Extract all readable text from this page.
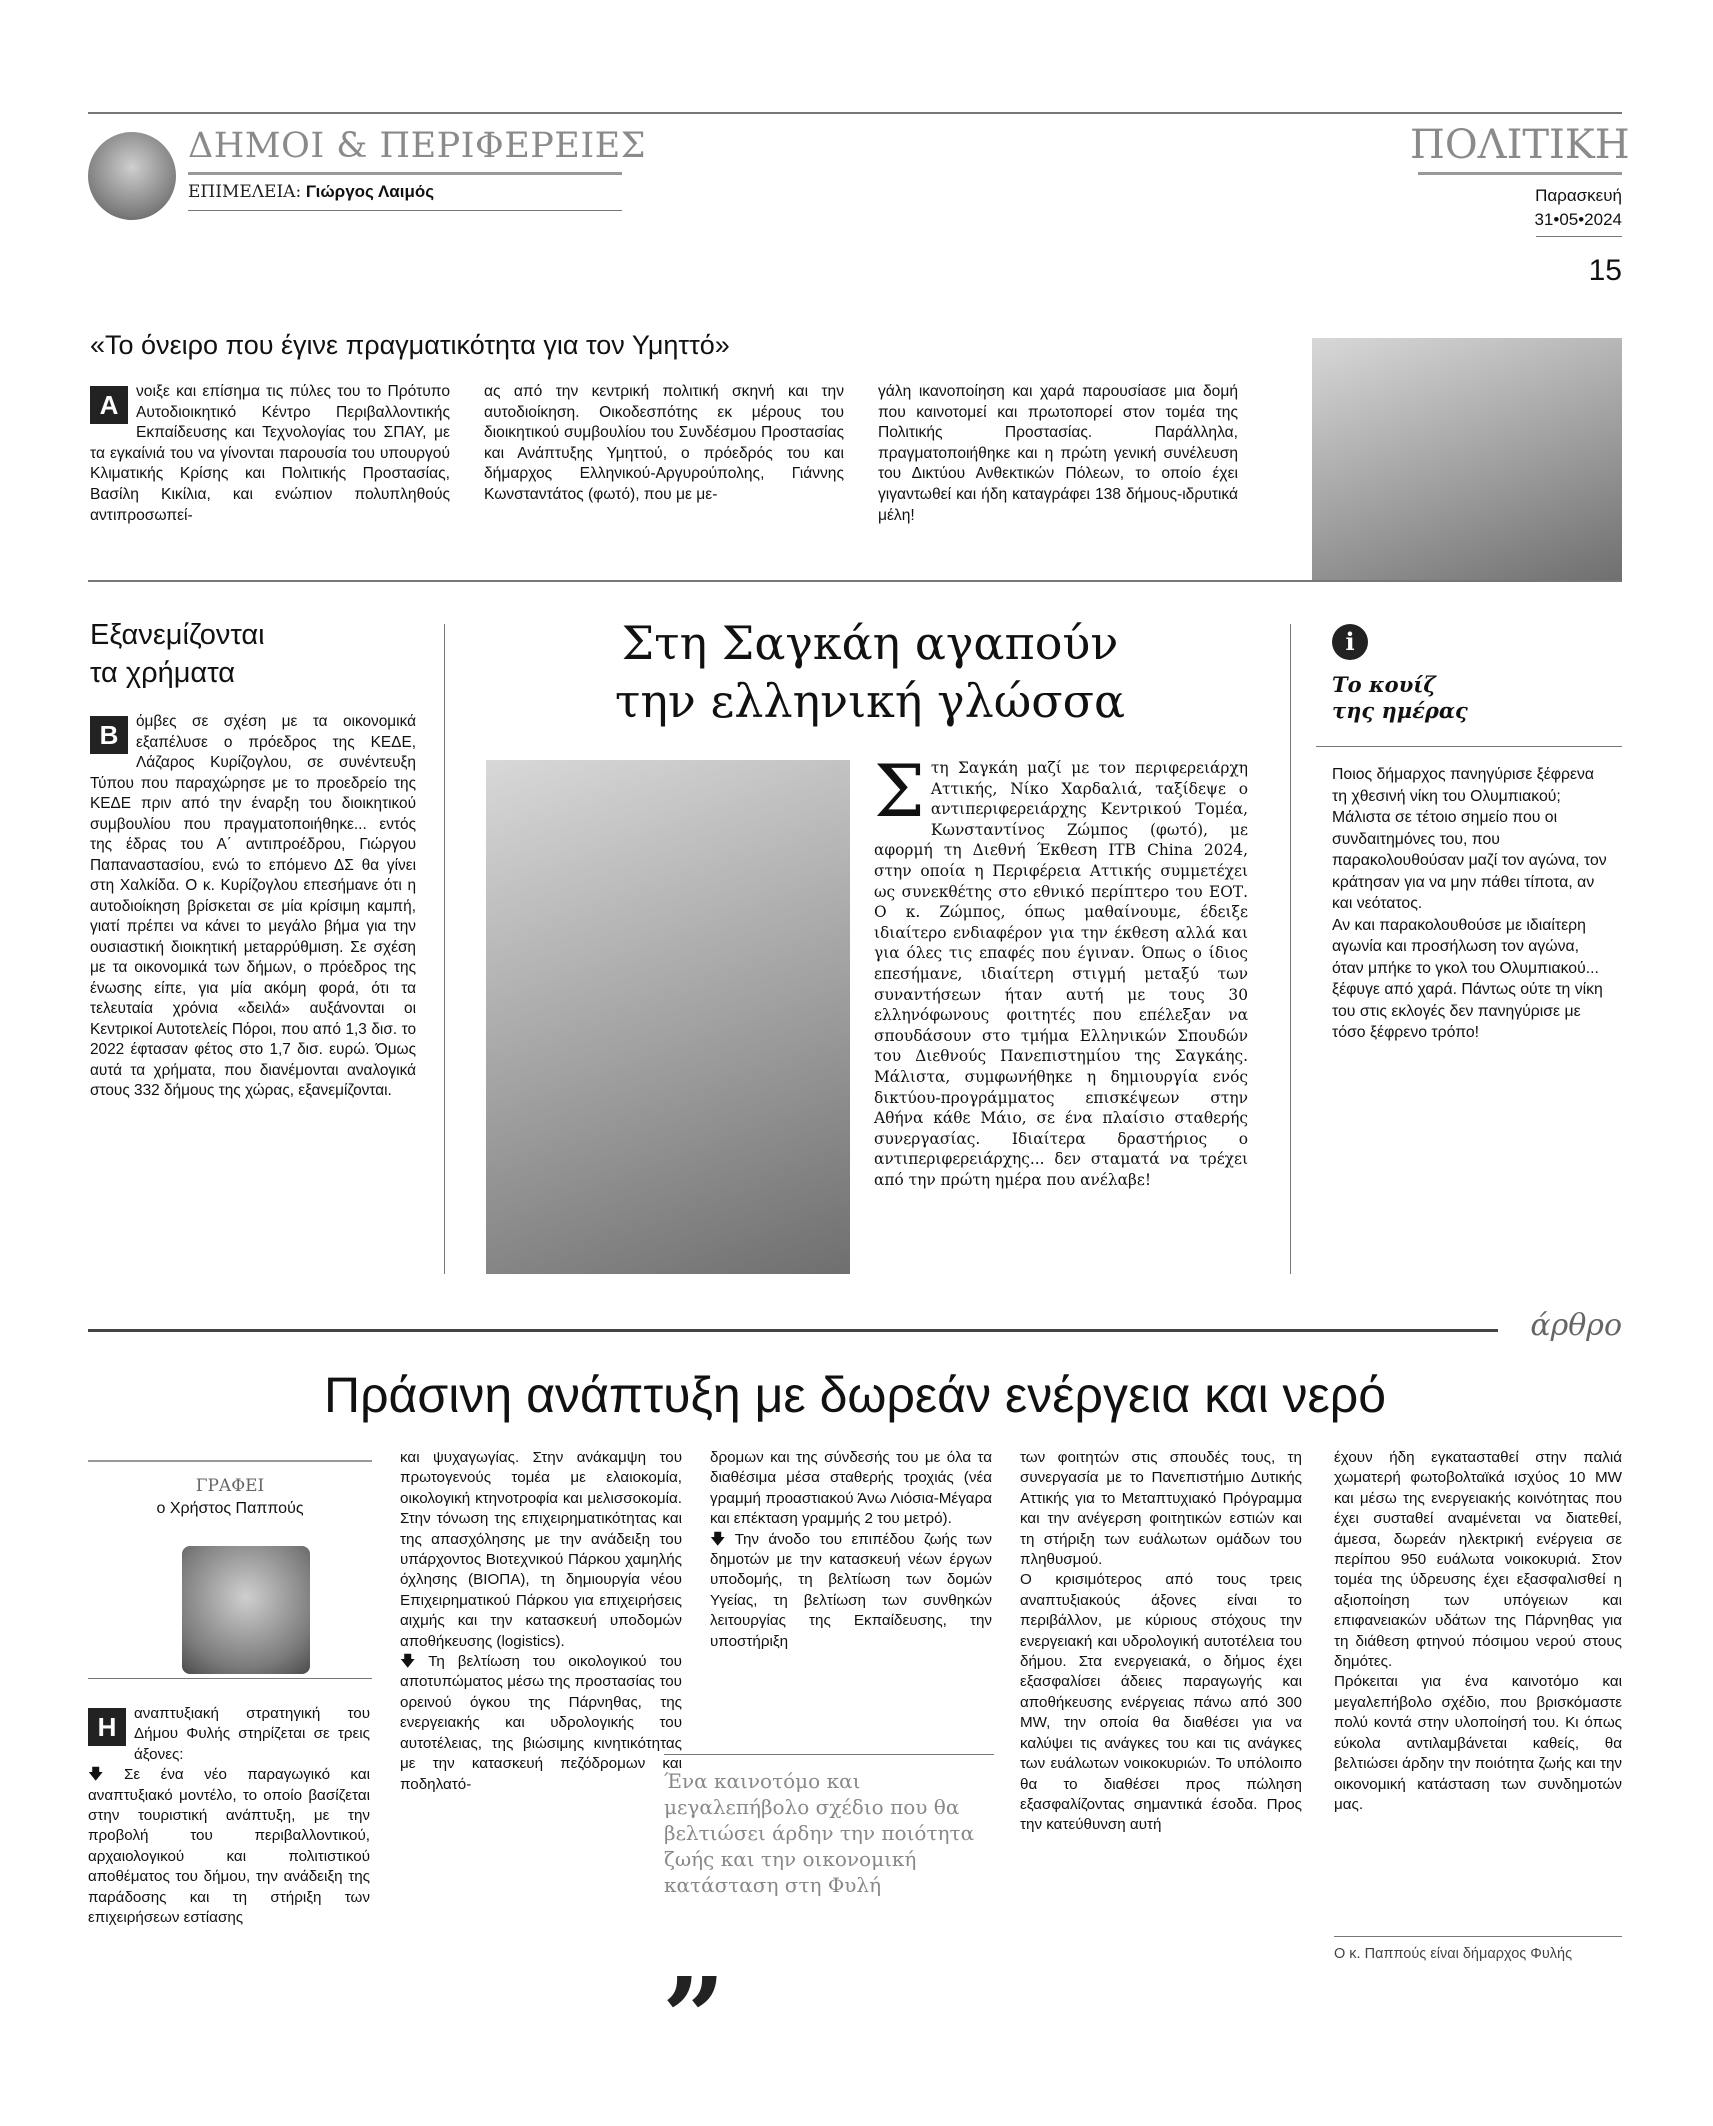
ΔΗΜΟΙ & ΠΕΡΙΦΕΡΕΙΕΣ
ΕΠΙΜΕΛΕΙΑ: Γιώργος Λαιμός
ΠΟΛΙΤΙΚΗ
Παρασκευή
31•05•2024
15
«Το όνειρο που έγινε πραγματικότητα για τον Υμηττό»
Α	νοιξε και επίσημα τις πύλες του το Πρότυπο Αυτοδιοικητικό Κέντρο Περιβαλλοντικής Εκπαίδευσης και Τεχνολογίας του ΣΠΑΥ, με τα εγκαίνιά του να γίνονται παρουσία του υπουργού Κλιματικής Κρίσης και Πολιτικής Προστασίας, Βασίλη Κικίλια, και ενώπιον πολυπληθούς αντιπροσωπεί-

ας από την κεντρική πολιτική σκηνή και την αυτοδιοίκηση. Οικοδεσπότης εκ μέρους του διοικητικού συμβουλίου του Συνδέσμου Προστασίας και Ανάπτυξης Υμηττού, ο πρόεδρός του και δήμαρχος Ελληνικού-Αργυρούπολης, Γιάννης Κωνσταντάτος (φωτό), που με με-

γάλη ικανοποίηση και χαρά παρουσίασε μια δομή που καινοτομεί και πρωτοπορεί στον τομέα της Πολιτικής Προστασίας. Παράλληλα, πραγματοποιήθηκε και η πρώτη γενική συνέλευση του Δικτύου Ανθεκτικών Πόλεων, το οποίο έχει γιγαντωθεί και ήδη καταγράφει 138 δήμους-ιδρυτικά μέλη!

Εξανεμίζονται
τα χρήματα
Β	όμβες σε σχέση με τα οικονομικά εξαπέλυσε ο πρόεδρος της ΚΕΔΕ, Λάζαρος Κυρίζογλου, σε συνέντευξη Τύπου που παραχώρησε με το προεδρείο της ΚΕΔΕ πριν από την έναρξη του διοικητικού συμβουλίου που πραγματοποιήθηκε... εντός της έδρας του Α΄ αντιπροέδρου, Γιώργου Παπαναστασίου, ενώ το επόμενο ΔΣ θα γίνει στη Χαλκίδα. Ο κ. Κυρίζογλου επεσήμανε ότι η αυτοδιοίκηση βρίσκεται σε μία κρίσιμη καμπή, γιατί πρέπει να κάνει το μεγάλο βήμα για την ουσιαστική διοικητική μεταρρύθμιση. Σε σχέση με τα οικονομικά των δήμων, ο πρόεδρος της ένωσης είπε, για μία ακόμη φορά, ότι τα τελευταία χρόνια «δειλά» αυξάνονται οι Κεντρικοί Αυτοτελείς Πόροι, που από 1,3 δισ. το 2022 έφτασαν φέτος στο 1,7 δισ. ευρώ. Όμως αυτά τα χρήματα, που διανέμονται αναλογικά στους 332 δήμους της χώρας, εξανεμίζονται.

Στη Σαγκάη αγαπούν
την ελληνική γλώσσα
Σ τη Σαγκάη μαζί με τον περιφερειάρχη Αττικής, Νίκο Χαρδαλιά, ταξίδεψε ο αντιπεριφερειάρχης Κεντρικού Τομέα, Κωνσταντίνος Ζώμπος (φωτό), με αφορμή τη Διεθνή Έκθεση ITB China 2024, στην οποία η Περιφέρεια Αττικής συμμετέχει ως συνεκθέτης στο εθνικό περίπτερο του ΕΟΤ. Ο κ. Ζώμπος, όπως μαθαίνουμε, έδειξε ιδιαίτερο ενδιαφέρον για την έκθεση αλλά και για όλες τις επαφές που έγιναν. Όπως ο ίδιος επεσήμανε, ιδιαίτερη στιγμή μεταξύ των συναντήσεων ήταν αυτή με τους 30 ελληνόφωνους φοιτητές που επέλεξαν να σπουδάσουν στο τμήμα Ελληνικών Σπουδών του Διεθνούς Πανεπιστημίου της Σαγκάης. Μάλιστα, συμφωνήθηκε η δημιουργία ενός δικτύου-προγράμματος επισκέψεων στην Αθήνα κάθε Μάιο, σε ένα πλαίσιο σταθερής συνεργασίας. Ιδιαίτερα δραστήριος ο αντιπεριφερειάρχης... δεν σταματά να τρέχει από την πρώτη ημέρα που ανέλαβε!
i
Το κουίζ
της ημέρας

Ποιος δήμαρχος πανηγύρισε ξέφρενα τη χθεσινή νίκη του Ολυμπιακού;

Μάλιστα σε τέτοιο σημείο που οι συνδαιτημόνες του, που παρακολουθούσαν μαζί τον αγώνα, τον κράτησαν για να μην πάθει τίποτα, αν και νεότατος.

Αν και παρακολουθούσε με ιδιαίτερη αγωνία και προσήλωση τον αγώνα, όταν μπήκε το γκολ του Ολυμπιακού... ξέφυγε από χαρά. Πάντως ούτε τη νίκη του στις εκλογές δεν πανηγύρισε με τόσο ξέφρενο τρόπο!

άρθρο
Πράσινη ανάπτυξη με δωρεάν ενέργεια και νερό
ΓΡΑΦΕΙ
ο Χρήστος Παππούς
Η	αναπτυξιακή στρατηγική του Δήμου Φυλής στηρίζεται σε τρεις άξονες:

🡇 Σε ένα νέο παραγωγικό και αναπτυξιακό μοντέλο, το οποίο βασίζεται στην τουριστική ανάπτυξη, με την προβολή του περιβαλλοντικού, αρχαιολογικού και πολιτιστικού αποθέματος του δήμου, την ανάδειξη της παράδοσης και τη στήριξη των επιχειρήσεων εστίασης

και ψυχαγωγίας. Στην ανάκαμψη του πρωτογενούς τομέα με ελαιοκομία, οικολογική κτηνοτροφία και μελισσοκομία. Στην τόνωση της επιχειρηματικότητας και της απασχόλησης με την ανάδειξη του υπάρχοντος Βιοτεχνικού Πάρκου χαμηλής όχλησης (ΒΙΟΠΑ), τη δημιουργία νέου Επιχειρηματικού Πάρκου για επιχειρήσεις αιχμής και την κατασκευή υποδομών αποθήκευσης (logistics).

🡇 Τη βελτίωση του οικολογικού του αποτυπώματος μέσω της προστασίας του ορεινού όγκου της Πάρνηθας, της ενεργειακής και υδρολογικής του αυτοτέλειας, της βιώσιμης κινητικότητας με την κατασκευή πεζόδρομων και ποδηλατό-

δρομων και της σύνδεσής του με όλα τα διαθέσιμα μέσα σταθερής τροχιάς (νέα γραμμή προαστιακού Άνω Λιόσια-Μέγαρα και επέκταση γραμμής 2 του μετρό).

🡇 Την άνοδο του επιπέδου ζωής των δημοτών με την κατασκευή νέων έργων υποδομής, τη βελτίωση των δομών Υγείας, τη βελτίωση των συνθηκών λειτουργίας της Εκπαίδευσης, την υποστήριξη

Ένα καινοτόμο και μεγαλεπήβολο σχέδιο που θα βελτιώσει άρδην την ποιότητα ζωής και την οικονομική κατάσταση στη Φυλή
„

των φοιτητών στις σπουδές τους, τη συνεργασία με το Πανεπιστήμιο Δυτικής Αττικής για το Μεταπτυχιακό Πρόγραμμα και την ανέγερση φοιτητικών εστιών και τη στήριξη των ευάλωτων ομάδων του πληθυσμού.

Ο κρισιμότερος από τους τρεις αναπτυξιακούς άξονες είναι το περιβάλλον, με κύριους στόχους την ενεργειακή και υδρολογική αυτοτέλεια του δήμου. Στα ενεργειακά, ο δήμος έχει εξασφαλίσει άδειες παραγωγής και αποθήκευσης ενέργειας πάνω από 300 MW, την οποία θα διαθέσει για να καλύψει τις ανάγκες του και τις ανάγκες των ευάλωτων νοικοκυριών. Το υπόλοιπο θα το διαθέσει προς πώληση εξασφαλίζοντας σημαντικά έσοδα. Προς την κατεύθυνση αυτή

έχουν ήδη εγκατασταθεί στην παλιά χωματερή φωτοβολταϊκά ισχύος 10 MW και μέσω της ενεργειακής κοινότητας που έχει συσταθεί αναμένεται να διατεθεί, άμεσα, δωρεάν ηλεκτρική ενέργεια σε περίπου 950 ευάλωτα νοικοκυριά. Στον τομέα της ύδρευσης έχει εξασφαλισθεί η αξιοποίηση των υπόγειων και επιφανειακών υδάτων της Πάρνηθας για τη διάθεση φτηνού πόσιμου νερού στους δημότες.

Πρόκειται για ένα καινοτόμο και μεγαλεπήβολο σχέδιο, που βρισκόμαστε πολύ κοντά στην υλοποίησή του. Κι όπως εύκολα αντιλαμβάνεται καθείς, θα βελτιώσει άρδην την ποιότητα ζωής και την οικονομική κατάσταση των συνδημοτών μας.

Ο κ. Παππούς είναι δήμαρχος Φυλής
